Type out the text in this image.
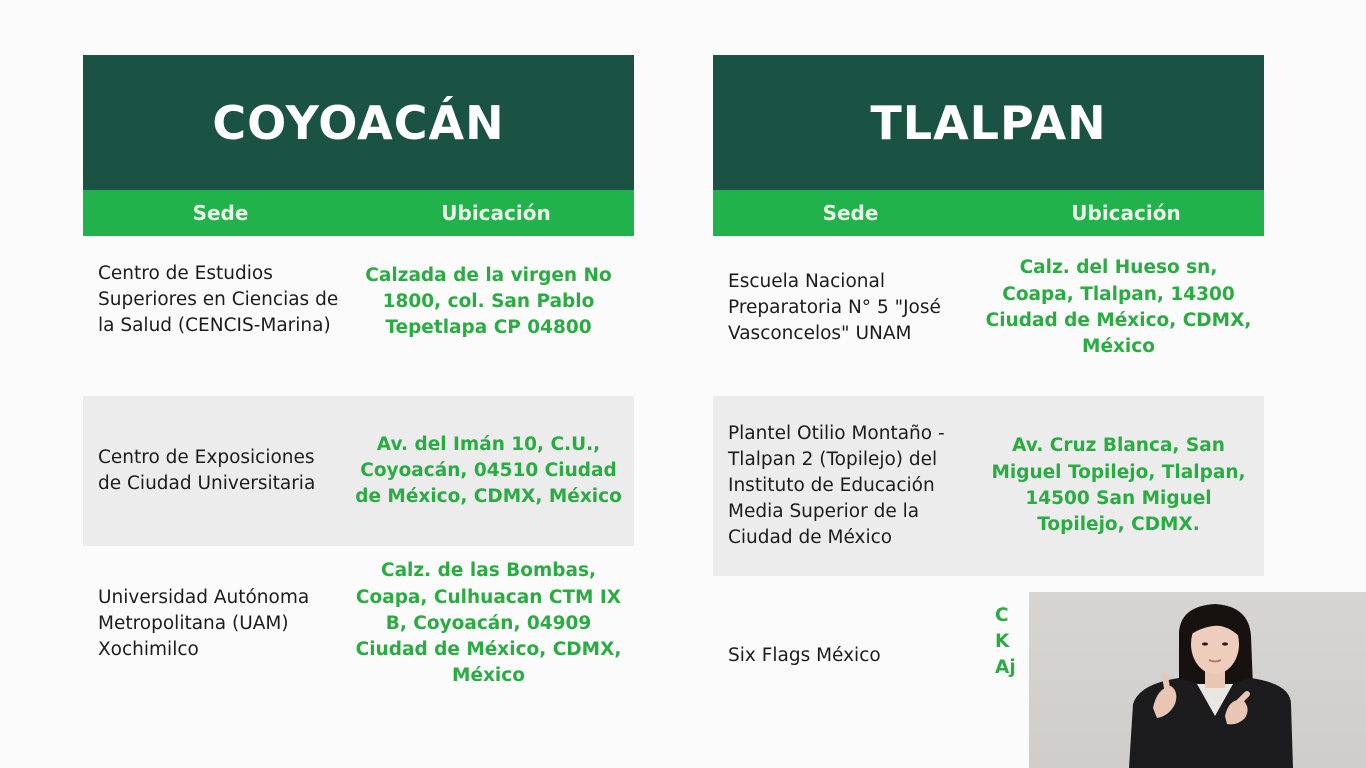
COYOACÁN
Sede	Ubicación
Centro de Estudios Superiores en Ciencias de la Salud (CENCIS-Marina)
Calzada de la virgen No 1800, col. San Pablo Tepetlapa CP 04800
Centro de Exposiciones de Ciudad Universitaria
Av. del Imán 10, C.U., Coyoacán, 04510 Ciudad de México, CDMX, México
Universidad Autónoma Metropolitana (UAM) Xochimilco
Calz. de las Bombas, Coapa, Culhuacan CTM IX B, Coyoacán, 04909 Ciudad de México, CDMX, México
TLALPAN
Sede	Ubicación
Escuela Nacional Preparatoria N° 5 "José Vasconcelos" UNAM
Calz. del Hueso sn, Coapa, Tlalpan, 14300 Ciudad de México, CDMX, México
Plantel Otilio Montaño - Tlalpan 2 (Topilejo) del Instituto de Educación Media Superior de la Ciudad de México
Av. Cruz Blanca, San Miguel Topilejo, Tlalpan, 14500 San Miguel Topilejo, CDMX.
Six Flags México
C
K
Aj
